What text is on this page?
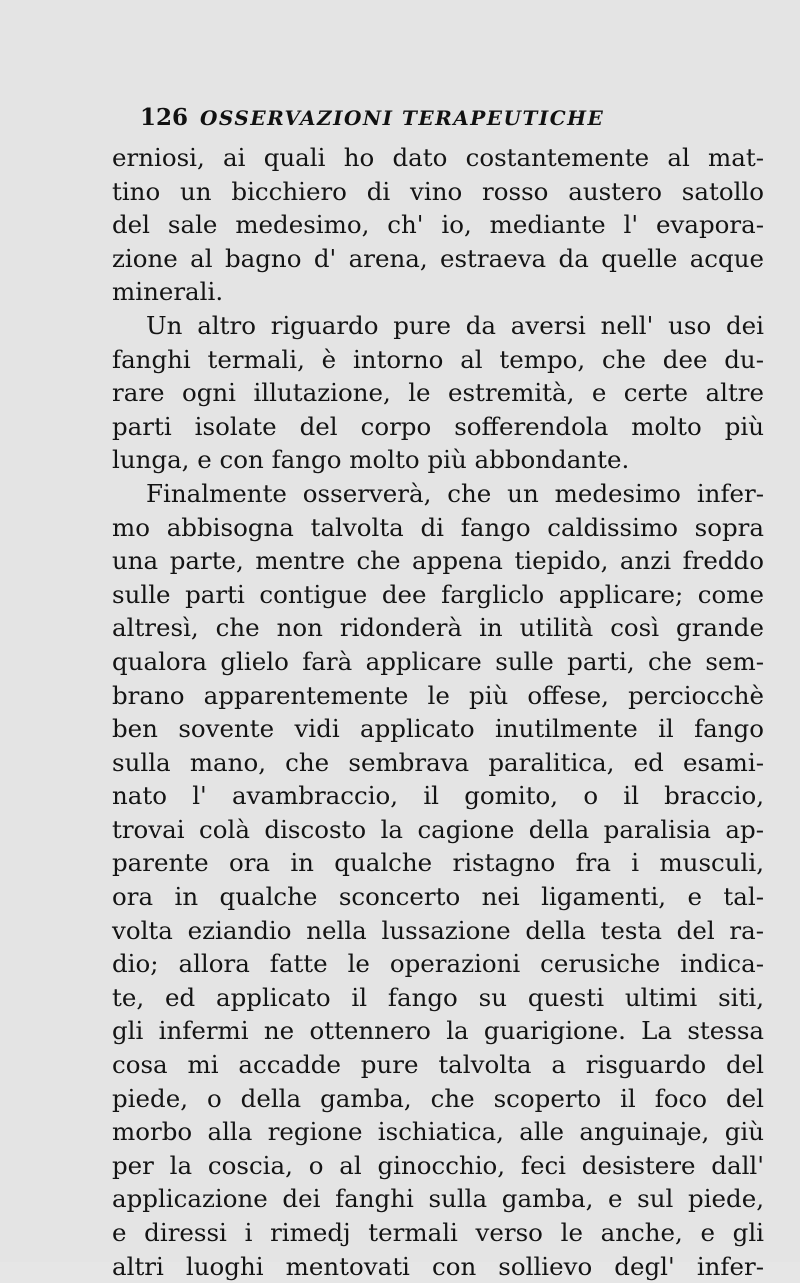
126 OSSERVAZIONI TERAPEUTICHE
erniosi, ai quali ho dato costantemente al mat-
tino un bicchiero di vino rosso austero satollo
del sale medesimo, ch' io, mediante l' evapora-
zione al bagno d' arena, estraeva da quelle acque
minerali.
Un altro riguardo pure da aversi nell' uso dei
fanghi termali, è intorno al tempo, che dee du-
rare ogni illutazione, le estremità, e certe altre
parti isolate del corpo sofferendola molto più
lunga, e con fango molto più abbondante.
Finalmente osserverà, che un medesimo infer-
mo abbisogna talvolta di fango caldissimo sopra
una parte, mentre che appena tiepido, anzi freddo
sulle parti contigue dee fargliclo applicare; come
altresì, che non ridonderà in utilità così grande
qualora glielo farà applicare sulle parti, che sem-
brano apparentemente le più offese, perciocchè
ben sovente vidi applicato inutilmente il fango
sulla mano, che sembrava paralitica, ed esami-
nato l' avambraccio, il gomito, o il braccio,
trovai colà discosto la cagione della paralisia ap-
parente ora in qualche ristagno fra i musculi,
ora in qualche sconcerto nei ligamenti, e tal-
volta eziandio nella lussazione della testa del ra-
dio; allora fatte le operazioni cerusiche indica-
te, ed applicato il fango su questi ultimi siti,
gli infermi ne ottennero la guarigione. La stessa
cosa mi accadde pure talvolta a risguardo del
piede, o della gamba, che scoperto il foco del
morbo alla regione ischiatica, alle anguinaje, giù
per la coscia, o al ginocchio, feci desistere dall'
applicazione dei fanghi sulla gamba, e sul piede,
e diressi i rimedj termali verso le anche, e gli
altri luoghi mentovati con sollievo degl' infer-
